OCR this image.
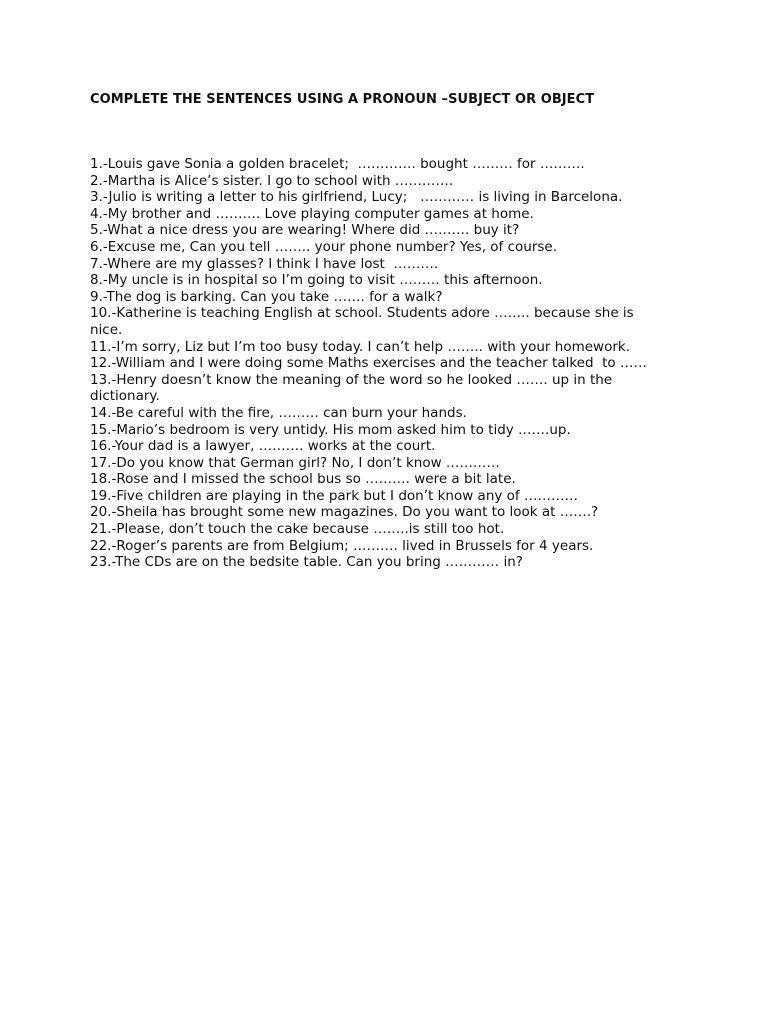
COMPLETE THE SENTENCES USING A PRONOUN –SUBJECT OR OBJECT
1.-Louis gave Sonia a golden bracelet;  …………. bought ……… for ……….
2.-Martha is Alice’s sister. I go to school with ………….
3.-Julio is writing a letter to his girlfriend, Lucy;   ………… is living in Barcelona.
4.-My brother and ………. Love playing computer games at home.
5.-What a nice dress you are wearing! Where did ………. buy it?
6.-Excuse me, Can you tell …….. your phone number? Yes, of course.
7.-Where are my glasses? I think I have lost  ……….
8.-My uncle is in hospital so I’m going to visit ……… this afternoon.
9.-The dog is barking. Can you take ……. for a walk?
10.-Katherine is teaching English at school. Students adore …….. because she is
nice.
11.-I’m sorry, Liz but I’m too busy today. I can’t help …….. with your homework.
12.-William and I were doing some Maths exercises and the teacher talked  to ……
13.-Henry doesn’t know the meaning of the word so he looked ……. up in the
dictionary.
14.-Be careful with the fire, ……… can burn your hands.
15.-Mario’s bedroom is very untidy. His mom asked him to tidy …….up.
16.-Your dad is a lawyer, ………. works at the court.
17.-Do you know that German girl? No, I don’t know …………
18.-Rose and I missed the school bus so ………. were a bit late.
19.-Five children are playing in the park but I don’t know any of …………
20.-Sheila has brought some new magazines. Do you want to look at …….?
21.-Please, don’t touch the cake because ……..is still too hot.
22.-Roger’s parents are from Belgium; ………. lived in Brussels for 4 years.
23.-The CDs are on the bedsite table. Can you bring ………… in?
